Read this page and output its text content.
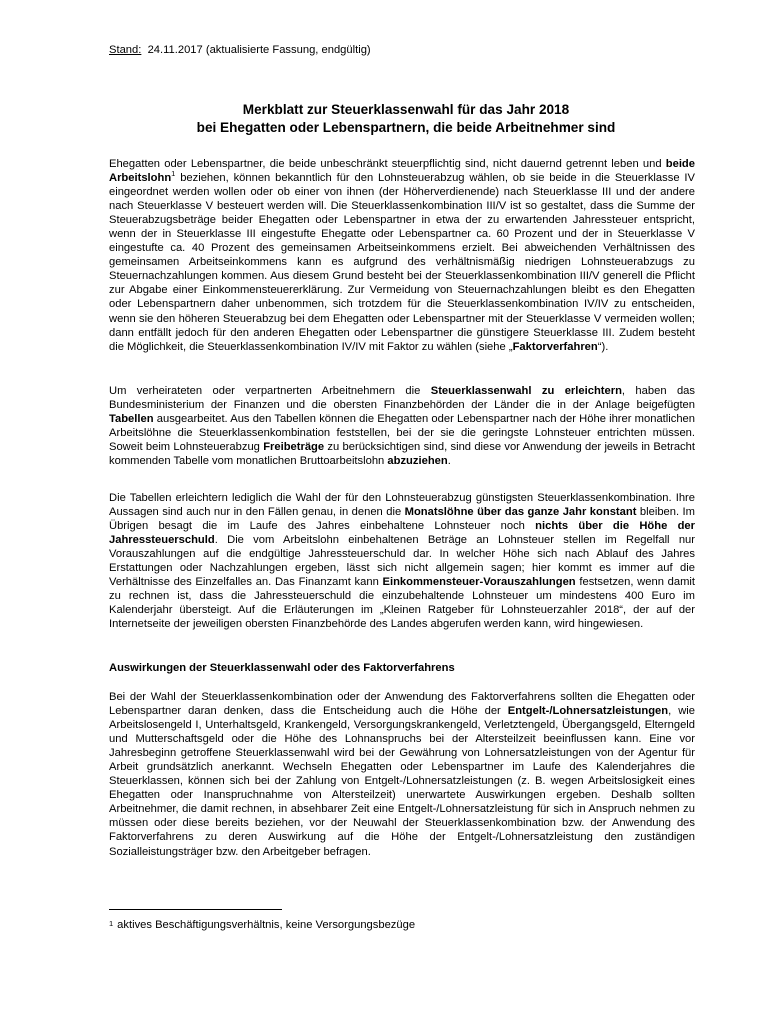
Stand: 24.11.2017 (aktualisierte Fassung, endgültig)
Merkblatt zur Steuerklassenwahl für das Jahr 2018
bei Ehegatten oder Lebenspartnern, die beide Arbeitnehmer sind

Ehegatten oder Lebenspartner, die beide unbeschränkt steuerpflichtig sind, nicht dauernd getrennt leben und beide Arbeitslohn$^1$ beziehen, können bekanntlich für den Lohnsteuerabzug wählen, ob sie beide in die Steuerklasse IV eingeordnet werden wollen oder ob einer von ihnen (der Höherverdienende) nach Steuerklasse III und der andere nach Steuerklasse V besteuert werden will. Die Steuerklassenkombination III/V ist so gestaltet, dass die Summe der Steuerabzugsbeträge beider Ehegatten oder Lebenspartner in etwa der zu erwartenden Jahressteuer entspricht, wenn der in Steuerklasse III eingestufte Ehegatte oder Lebenspartner ca. 60 Prozent und der in Steuerklasse V eingestufte ca. 40 Prozent des gemeinsamen Arbeitseinkommens erzielt. Bei abweichenden Verhältnissen des gemeinsamen Arbeitseinkommens kann es aufgrund des verhältnismäßig niedrigen Lohnsteuerabzugs zu Steuernachzahlungen kommen. Aus diesem Grund besteht bei der Steuerklassenkombination III/V generell die Pflicht zur Abgabe einer Einkommensteuererklärung. Zur Vermeidung von Steuernachzahlungen bleibt es den Ehegatten oder Lebenspartnern daher unbenommen, sich trotzdem für die Steuerklassenkombination IV/IV zu entscheiden, wenn sie den höheren Steuerabzug bei dem Ehegatten oder Lebenspartner mit der Steuerklasse V vermeiden wollen; dann entfällt jedoch für den anderen Ehegatten oder Lebenspartner die günstigere Steuerklasse III. Zudem besteht die Möglichkeit, die Steuerklassenkombination IV/IV mit Faktor zu wählen (siehe „Faktorverfahren“).

Um verheirateten oder verpartnerten Arbeitnehmern die Steuerklassenwahl zu erleichtern, haben das Bundesministerium der Finanzen und die obersten Finanzbehörden der Länder die in der Anlage beigefügten Tabellen ausgearbeitet. Aus den Tabellen können die Ehegatten oder Lebenspartner nach der Höhe ihrer monatlichen Arbeitslöhne die Steuerklassenkombination feststellen, bei der sie die geringste Lohnsteuer entrichten müssen. Soweit beim Lohnsteuerabzug Freibeträge zu berücksichtigen sind, sind diese vor Anwendung der jeweils in Betracht kommenden Tabelle vom monatlichen Bruttoarbeitslohn abzuziehen.

Die Tabellen erleichtern lediglich die Wahl der für den Lohnsteuerabzug günstigsten Steuerklassenkombination. Ihre Aussagen sind auch nur in den Fällen genau, in denen die Monatslöhne über das ganze Jahr konstant bleiben. Im Übrigen besagt die im Laufe des Jahres einbehaltene Lohnsteuer noch nichts über die Höhe der Jahressteuerschuld. Die vom Arbeitslohn einbehaltenen Beträge an Lohnsteuer stellen im Regelfall nur Vorauszahlungen auf die endgültige Jahressteuerschuld dar. In welcher Höhe sich nach Ablauf des Jahres Erstattungen oder Nachzahlungen ergeben, lässt sich nicht allgemein sagen; hier kommt es immer auf die Verhältnisse des Einzelfalles an. Das Finanzamt kann Einkommensteuer-Vorauszahlungen festsetzen, wenn damit zu rechnen ist, dass die Jahressteuerschuld die einzubehaltende Lohnsteuer um mindestens 400 Euro im Kalenderjahr übersteigt. Auf die Erläuterungen im „Kleinen Ratgeber für Lohnsteuerzahler 2018“, der auf der Internetseite der jeweiligen obersten Finanzbehörde des Landes abgerufen werden kann, wird hingewiesen.

Auswirkungen der Steuerklassenwahl oder des Faktorverfahrens

Bei der Wahl der Steuerklassenkombination oder der Anwendung des Faktorverfahrens sollten die Ehegatten oder Lebenspartner daran denken, dass die Entscheidung auch die Höhe der Entgelt-/Lohnersatzleistungen, wie Arbeitslosengeld I, Unterhaltsgeld, Krankengeld, Versorgungskrankengeld, Verletztengeld, Übergangsgeld, Elterngeld und Mutterschaftsgeld oder die Höhe des Lohnanspruchs bei der Altersteilzeit beeinflussen kann. Eine vor Jahresbeginn getroffene Steuerklassenwahl wird bei der Gewährung von Lohnersatzleistungen von der Agentur für Arbeit grundsätzlich anerkannt. Wechseln Ehegatten oder Lebenspartner im Laufe des Kalenderjahres die Steuerklassen, können sich bei der Zahlung von Entgelt-/Lohnersatzleistungen (z. B. wegen Arbeitslosigkeit eines Ehegatten oder Inanspruchnahme von Altersteilzeit) unerwartete Auswirkungen ergeben. Deshalb sollten Arbeitnehmer, die damit rechnen, in absehbarer Zeit eine Entgelt-/Lohnersatzleistung für sich in Anspruch nehmen zu müssen oder diese bereits beziehen, vor der Neuwahl der Steuerklassenkombination bzw. der Anwendung des Faktorverfahrens zu deren Auswirkung auf die Höhe der Entgelt-/Lohnersatzleistung den zuständigen Sozialleistungsträger bzw. den Arbeitgeber befragen.

$^1$ aktives Beschäftigungsverhältnis, keine Versorgungsbezüge
